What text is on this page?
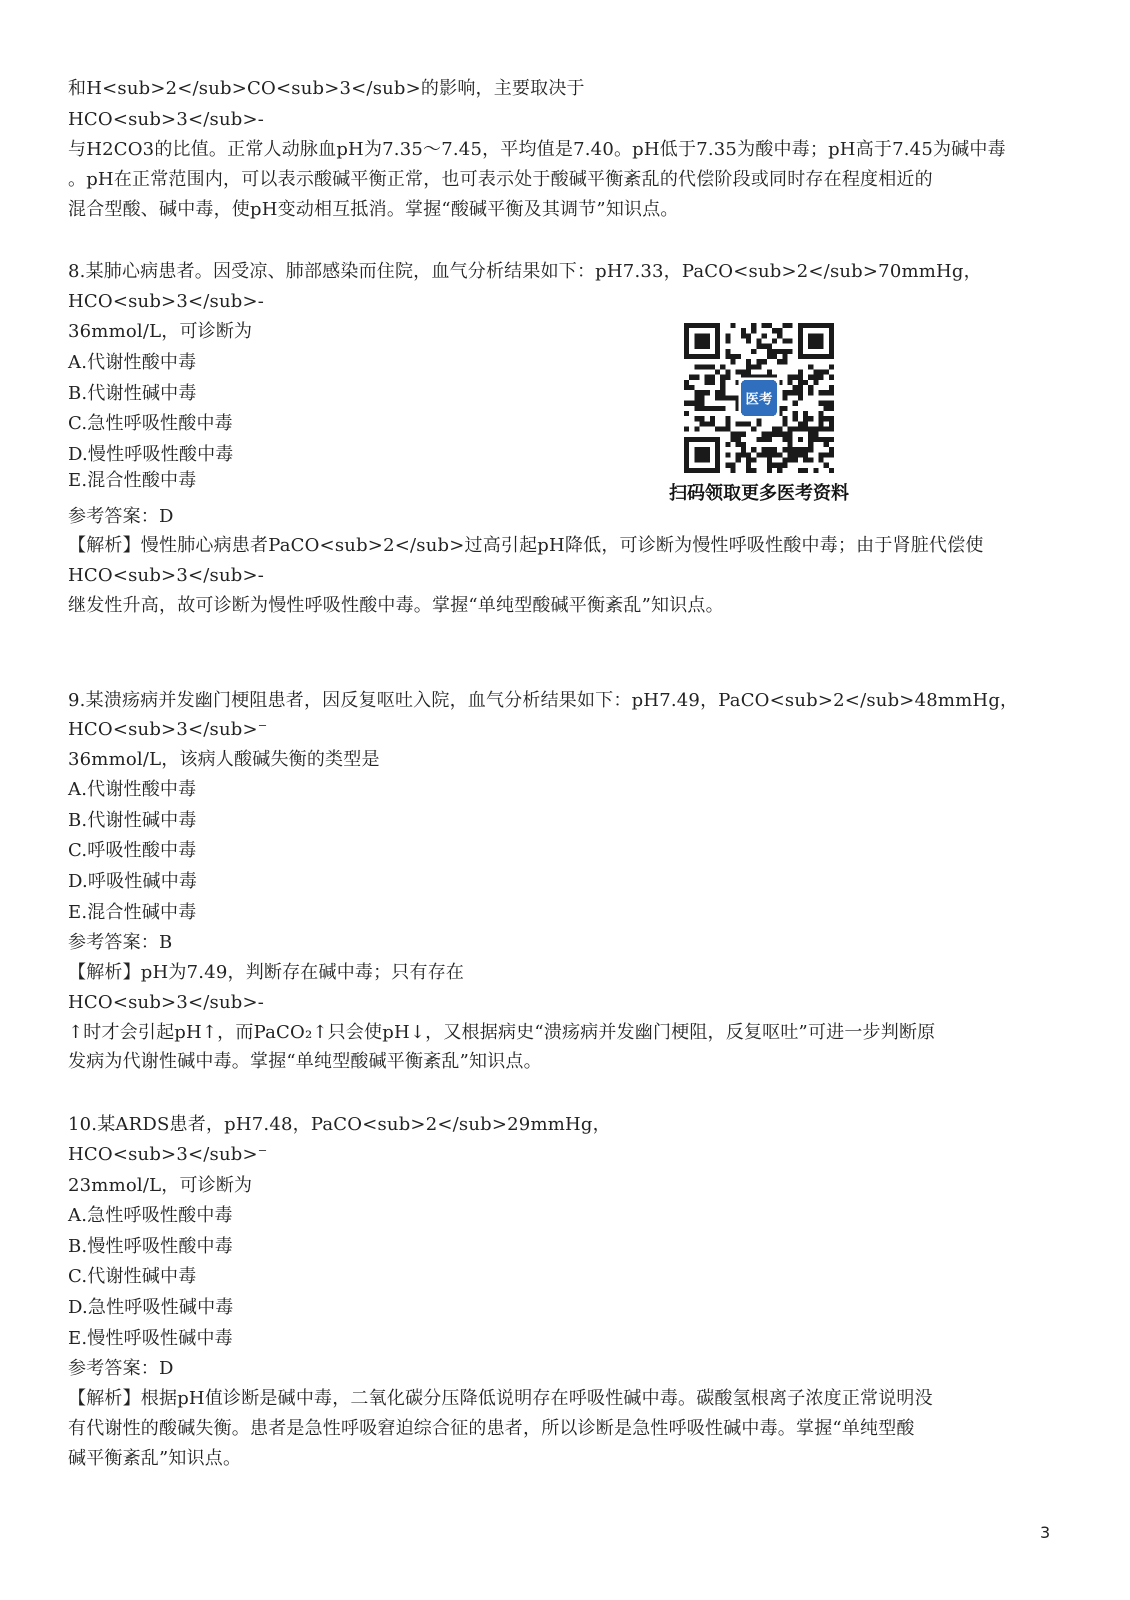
和H<sub>2</sub>CO<sub>3</sub>的影响，主要取决于

HCO<sub>3</sub>-

与H2CO3的比值。正常人动脉血pH为7.35～7.45，平均值是7.40。pH低于7.35为酸中毒；pH高于7.45为碱中毒

。pH在正常范围内，可以表示酸碱平衡正常，也可表示处于酸碱平衡紊乱的代偿阶段或同时存在程度相近的

混合型酸、碱中毒，使pH变动相互抵消。掌握“酸碱平衡及其调节”知识点。

8.某肺心病患者。因受凉、肺部感染而住院，血气分析结果如下：pH7.33，PaCO<sub>2</sub>70mmHg，

HCO<sub>3</sub>-

36mmol/L，可诊断为

A.代谢性酸中毒

B.代谢性碱中毒

C.急性呼吸性酸中毒

D.慢性呼吸性酸中毒

E.混合性酸中毒

参考答案：D

【解析】慢性肺心病患者PaCO<sub>2</sub>过高引起pH降低，可诊断为慢性呼吸性酸中毒；由于肾脏代偿使

HCO<sub>3</sub>-

继发性升高，故可诊断为慢性呼吸性酸中毒。掌握“单纯型酸碱平衡紊乱”知识点。

9.某溃疡病并发幽门梗阻患者，因反复呕吐入院，血气分析结果如下：pH7.49，PaCO<sub>2</sub>48mmHg，

HCO<sub>3</sub>⁻

36mmol/L，该病人酸碱失衡的类型是

A.代谢性酸中毒

B.代谢性碱中毒

C.呼吸性酸中毒

D.呼吸性碱中毒

E.混合性碱中毒

参考答案：B

【解析】pH为7.49，判断存在碱中毒；只有存在

HCO<sub>3</sub>-

↑时才会引起pH↑，而PaCO₂↑只会使pH↓，又根据病史“溃疡病并发幽门梗阻，反复呕吐”可进一步判断原

发病为代谢性碱中毒。掌握“单纯型酸碱平衡紊乱”知识点。

10.某ARDS患者，pH7.48，PaCO<sub>2</sub>29mmHg，

HCO<sub>3</sub>⁻

23mmol/L，可诊断为

A.急性呼吸性酸中毒

B.慢性呼吸性酸中毒

C.代谢性碱中毒

D.急性呼吸性碱中毒

E.慢性呼吸性碱中毒

参考答案：D

【解析】根据pH值诊断是碱中毒，二氧化碳分压降低说明存在呼吸性碱中毒。碳酸氢根离子浓度正常说明没

有代谢性的酸碱失衡。患者是急性呼吸窘迫综合征的患者，所以诊断是急性呼吸性碱中毒。掌握“单纯型酸

碱平衡紊乱”知识点。

医考
扫码领取更多医考资料
3
